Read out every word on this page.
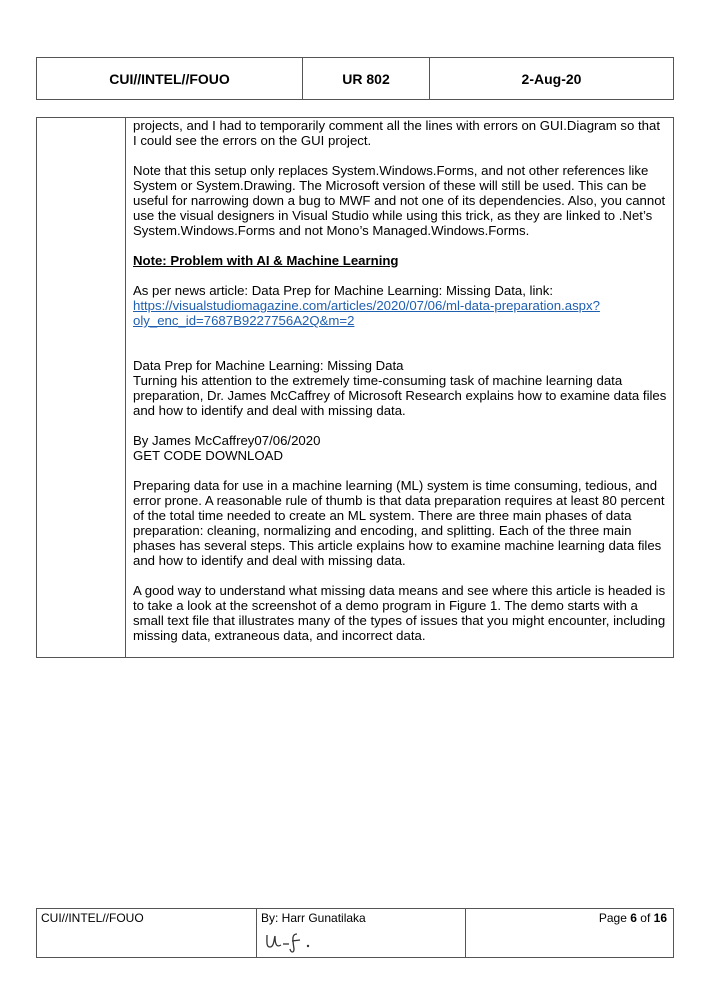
CUI//INTEL//FOUO	UR 802	2-Aug-20

projects, and I had to temporarily comment all the lines with errors on GUI.Diagram so that I could see the errors on the GUI project.

Note that this setup only replaces System.Windows.Forms, and not other references like System or System.Drawing. The Microsoft version of these will still be used. This can be useful for narrowing down a bug to MWF and not one of its dependencies. Also, you cannot use the visual designers in Visual Studio while using this trick, as they are linked to .Net’s System.Windows.Forms and not Mono’s Managed.Windows.Forms.

Note: Problem with AI & Machine Learning

As per news article: Data Prep for Machine Learning: Missing Data, link:
https://visualstudiomagazine.com/articles/2020/07/06/ml-data-preparation.aspx?oly_enc_id=7687B9227756A2Q&m=2

Data Prep for Machine Learning: Missing Data
Turning his attention to the extremely time-consuming task of machine learning data preparation, Dr. James McCaffrey of Microsoft Research explains how to examine data files and how to identify and deal with missing data.

By James McCaffrey07/06/2020
GET CODE DOWNLOAD

Preparing data for use in a machine learning (ML) system is time consuming, tedious, and error prone. A reasonable rule of thumb is that data preparation requires at least 80 percent of the total time needed to create an ML system. There are three main phases of data preparation: cleaning, normalizing and encoding, and splitting. Each of the three main phases has several steps. This article explains how to examine machine learning data files and how to identify and deal with missing data.

A good way to understand what missing data means and see where this article is headed is to take a look at the screenshot of a demo program in Figure 1. The demo starts with a small text file that illustrates many of the types of issues that you might encounter, including missing data, extraneous data, and incorrect data.

CUI//INTEL//FOUO	By: Harr Gunatilaka	Page 6 of 16
